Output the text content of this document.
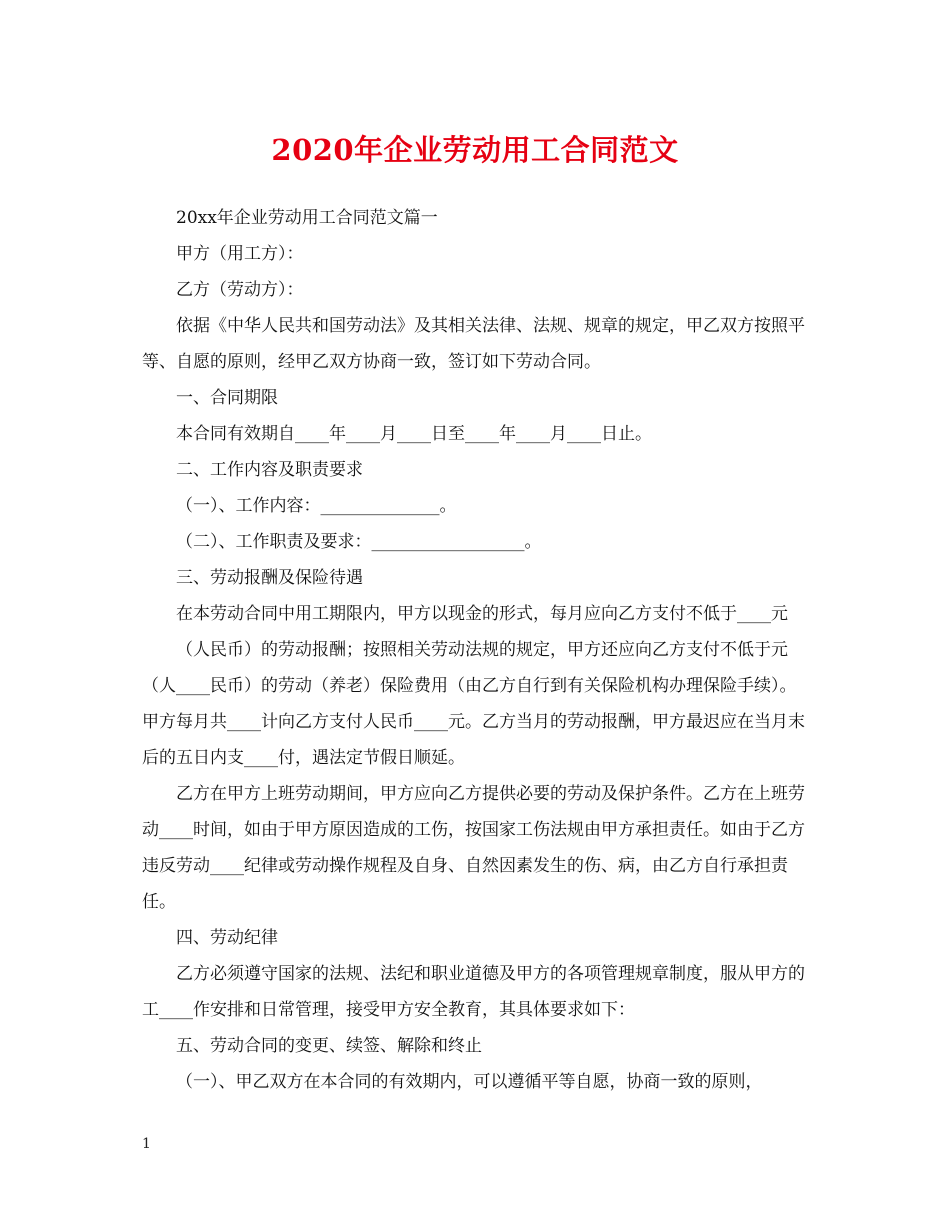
2020年企业劳动用工合同范文

20xx年企业劳动用工合同范文篇一

甲方（用工方）：

乙方（劳动方）：

依据《中华人民共和国劳动法》及其相关法律、法规、规章的规定，甲乙双方按照平等、自愿的原则，经甲乙双方协商一致，签订如下劳动合同。

一、合同期限

本合同有效期自____年____月____日至____年____月____日止。

二、工作内容及职责要求

（一）、工作内容：______________。

（二）、工作职责及要求：__________________。

三、劳动报酬及保险待遇

在本劳动合同中用工期限内，甲方以现金的形式，每月应向乙方支付不低于____元

（人民币）的劳动报酬；按照相关劳动法规的规定，甲方还应向乙方支付不低于元（人____民币）的劳动（养老）保险费用（由乙方自行到有关保险机构办理保险手续）。甲方每月共____计向乙方支付人民币____元。乙方当月的劳动报酬，甲方最迟应在当月末后的五日内支____付，遇法定节假日顺延。

乙方在甲方上班劳动期间，甲方应向乙方提供必要的劳动及保护条件。乙方在上班劳动____时间，如由于甲方原因造成的工伤，按国家工伤法规由甲方承担责任。如由于乙方违反劳动____纪律或劳动操作规程及自身、自然因素发生的伤、病，由乙方自行承担责任。

四、劳动纪律

乙方必须遵守国家的法规、法纪和职业道德及甲方的各项管理规章制度，服从甲方的工____作安排和日常管理，接受甲方安全教育，其具体要求如下：

五、劳动合同的变更、续签、解除和终止

（一）、甲乙双方在本合同的有效期内，可以遵循平等自愿，协商一致的原则，

1
